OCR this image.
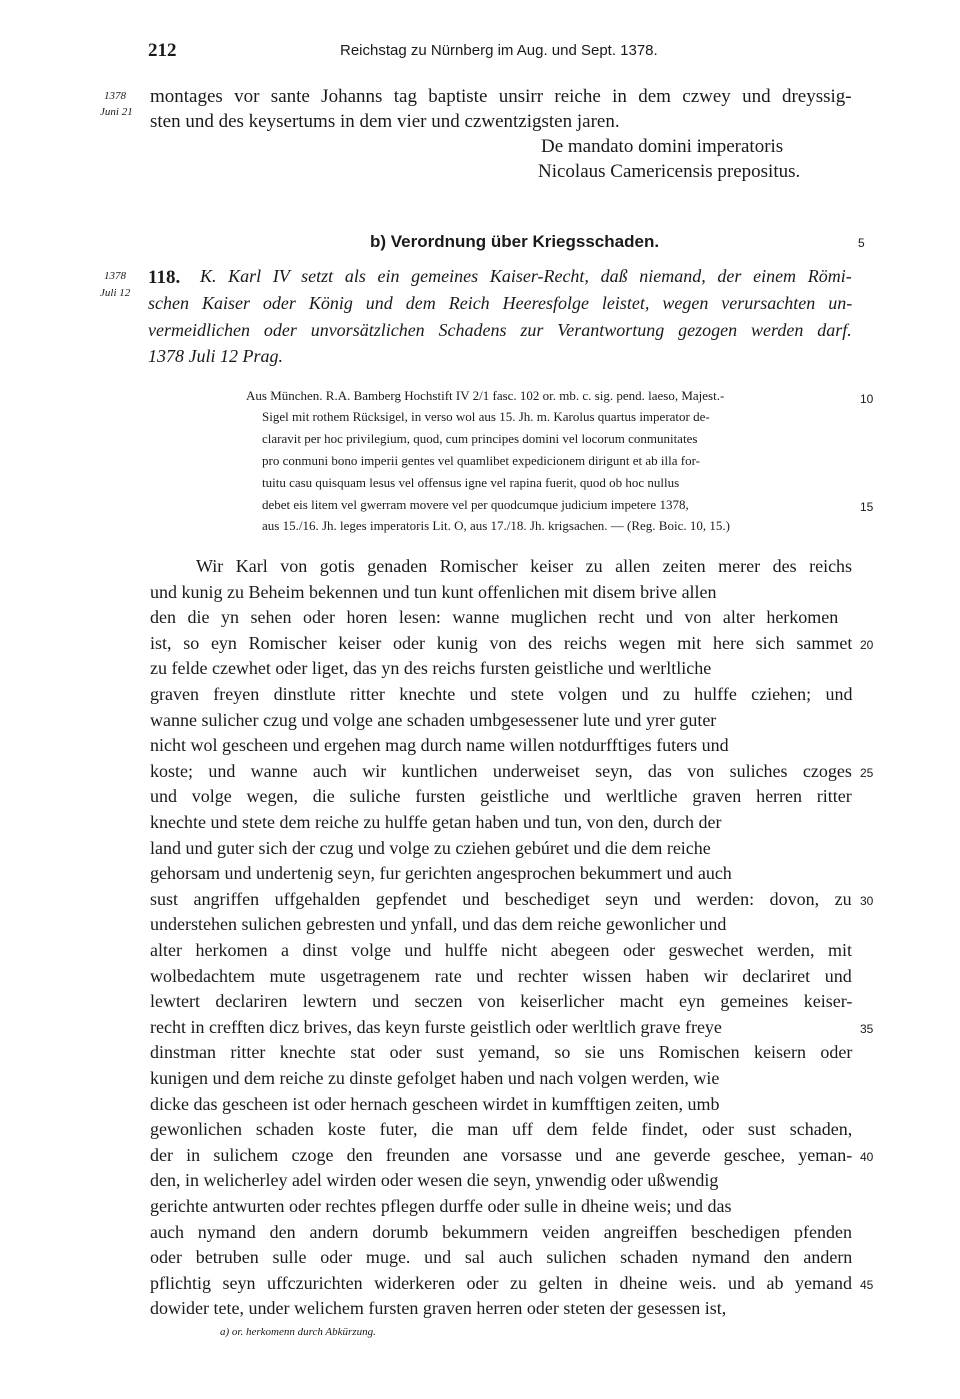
212	Reichstag zu Nürnberg im Aug. und Sept. 1378.
1378
Juni 21
montages vor sante Johanns tag baptiste unsirr reiche in dem czwey und dreyssig-
sten und des keysertums in dem vier und czwentzigsten jaren.
De mandato domini imperatoris
Nicolaus Camericensis prepositus.
b) Verordnung über Kriegsschaden.	5
1378
Juli 12
118. K. Karl IV setzt als ein gemeines Kaiser-Recht, daß niemand, der einem Römi-
schen Kaiser oder König und dem Reich Heeresfolge leistet, wegen verursachten un-
vermeidlichen oder unvorsätzlichen Schadens zur Verantwortung gezogen werden darf.
1378 Juli 12 Prag.
Aus München. R.A. Bamberg Hochstift IV 2/1 fasc. 102 or. mb. c. sig. pend. laeso, Majest.-
Sigel mit rothem Rücksigel, in verso wol aus 15. Jh. m. Karolus quartus imperator de-
claravit per hoc privilegium, quod, cum principes domini vel locorum conmunitates
pro conmuni bono imperii gentes vel quamlibet expedicionem dirigunt et ab illa for-
tuitu casu quisquam lesus vel offensus igne vel rapina fuerit, quod ob hoc nullus
debet eis litem vel gwerram movere vel per quodcumque judicium impetere 1378,
aus 15./16. Jh. leges imperatoris Lit. O, aus 17./18. Jh. krigsachen. — (Reg. Boic. 10, 15.)
10
15
Wir Karl von gotis genaden Romischer keiser zu allen zeiten merer des reichs
und kunig zu Beheim bekennen und tun kunt offenlichen mit disem brive allen
den die yn sehen oder horen lesen: wanne muglichen recht und von alter herkomen
ist, so eyn Romischer keiser oder kunig von des reichs wegen mit here sich sammet
zu felde czewhet oder liget, das yn des reichs fursten geistliche und werltliche
graven freyen dinstlute ritter knechte und stete volgen und zu hulffe cziehen; und
wanne sulicher czug und volge ane schaden umbgesessener lute und yrer guter
nicht wol gescheen und ergehen mag durch name willen notdurfftiges futers und
koste; und wanne auch wir kuntlichen underweiset seyn, das von suliches czoges
und volge wegen, die suliche fursten geistliche und werltliche graven herren ritter
knechte und stete dem reiche zu hulffe getan haben und tun, von den, durch der
land und guter sich der czug und volge zu cziehen gebúret und die dem reiche
gehorsam und undertenig seyn, fur gerichten angesprochen bekummert und auch
sust angriffen uffgehalden gepfendet und beschediget seyn und werden: dovon, zu
understehen sulichen gebresten und ynfall, und das dem reiche gewonlicher und
alter herkomen a dinst volge und hulffe nicht abegeen oder geswechet werden, mit
wolbedachtem mute usgetragenem rate und rechter wissen haben wir declariret und
lewtert declariren lewtern und seczen von keiserlicher macht eyn gemeines keiser-
recht in crefften dicz brives, das keyn furste geistlich oder werltlich grave freye
dinstman ritter knechte stat oder sust yemand, so sie uns Romischen keisern oder
kunigen und dem reiche zu dinste gefolget haben und nach volgen werden, wie
dicke das gescheen ist oder hernach gescheen wirdet in kumfftigen zeiten, umb
gewonlichen schaden koste futer, die man uff dem felde findet, oder sust schaden,
der in sulichem czoge den freunden ane vorsasse und ane geverde geschee, yeman-
den, in welicherley adel wirden oder wesen die seyn, ynwendig oder ußwendig
gerichte antwurten oder rechtes pflegen durffe oder sulle in dheine weis; und das
auch nymand den andern dorumb bekummern veiden angreiffen beschedigen pfenden
oder betruben sulle oder muge. und sal auch sulichen schaden nymand den andern
pflichtig seyn uffczurichten widerkeren oder zu gelten in dheine weis. und ab yemand
dowider tete, under welichem fursten graven herren oder steten der gesessen ist,
20
25
30
35
40
45
a) or. herkomenn durch Abkürzung.
